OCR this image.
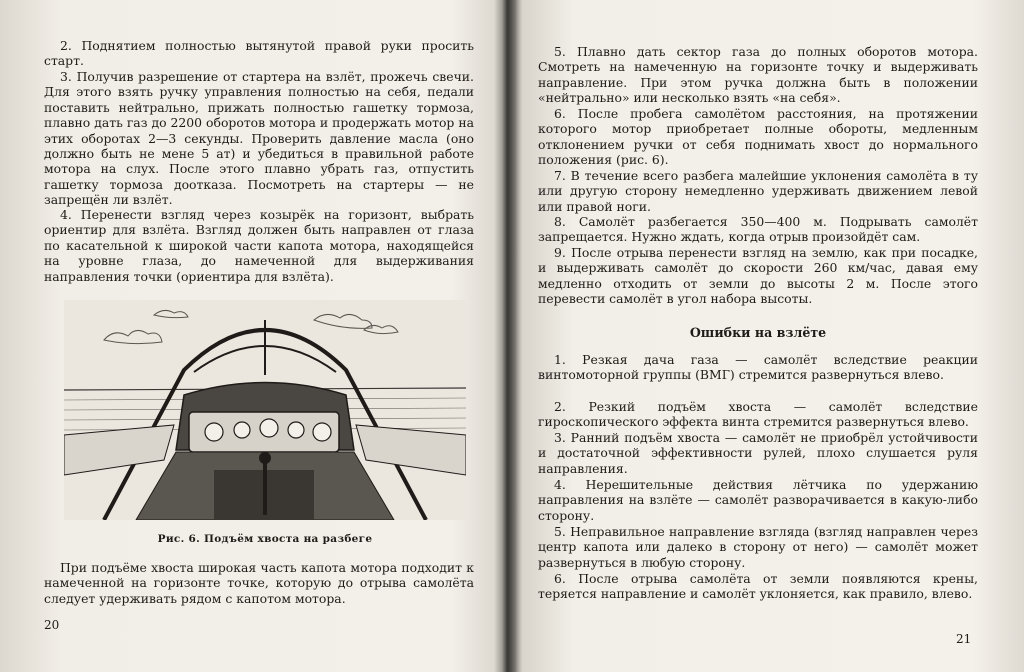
2. Поднятием полностью вытянутой правой руки просить старт.

3. Получив разрешение от стартера на взлёт, прожечь свечи. Для этого взять ручку управления полностью на себя, педали поставить нейтрально, прижать полностью гашетку тормоза, плавно дать газ до 2200 оборотов мотора и продержать мотор на этих оборотах 2—3 секунды. Проверить давление масла (оно должно быть не мене 5 ат) и убедиться в правильной работе мотора на слух. После этого плавно убрать газ, отпустить гашетку тормоза доотказа. Посмотреть на стартеры — не запрещён ли взлёт.

4. Перенести взгляд через козырёк на горизонт, выбрать ориентир для взлёта. Взгляд должен быть направлен от глаза по касательной к широкой части капота мотора, находящейся на уровне глаза, до намеченной для выдерживания направления точки (ориентира для взлёта).

Рис. 6. Подъём хвоста на разбеге

При подъёме хвоста широкая часть капота мотора подходит к намеченной на горизонте точке, которую до отрыва самолёта следует удерживать рядом с капотом мотора.

20

5. Плавно дать сектор газа до полных оборотов мотора. Смотреть на намеченную на горизонте точку и выдерживать направление. При этом ручка должна быть в положении «нейтрально» или несколько взять «на себя».

6. После пробега самолётом расстояния, на протяжении которого мотор приобретает полные обороты, медленным отклонением ручки от себя поднимать хвост до нормального положения (рис. 6).

7. В течение всего разбега малейшие уклонения самолёта в ту или другую сторону немедленно удерживать движением левой или правой ноги.

8. Самолёт разбегается 350—400 м. Подрывать самолёт запрещается. Нужно ждать, когда отрыв произойдёт сам.

9. После отрыва перенести взгляд на землю, как при посадке, и выдерживать самолёт до скорости 260 км/час, давая ему медленно отходить от земли до высоты 2 м. После этого перевести самолёт в угол набора высоты.

Ошибки на взлёте

1. Резкая дача газа — самолёт вследствие реакции винтомоторной группы (ВМГ) стремится развернуться влево.

2. Резкий подъём хвоста — самолёт вследствие гироскопического эффекта винта стремится развернуться влево.

3. Ранний подъём хвоста — самолёт не приобрёл устойчивости и достаточной эффективности рулей, плохо слушается руля направления.

4. Нерешительные действия лётчика по удержанию направления на взлёте — самолёт разворачивается в какую-либо сторону.

5. Неправильное направление взгляда (взгляд направлен через центр капота или далеко в сторону от него) — самолёт может развернуться в любую сторону.

6. После отрыва самолёта от земли появляются крены, теряется направление и самолёт уклоняется, как правило, влево.

21
